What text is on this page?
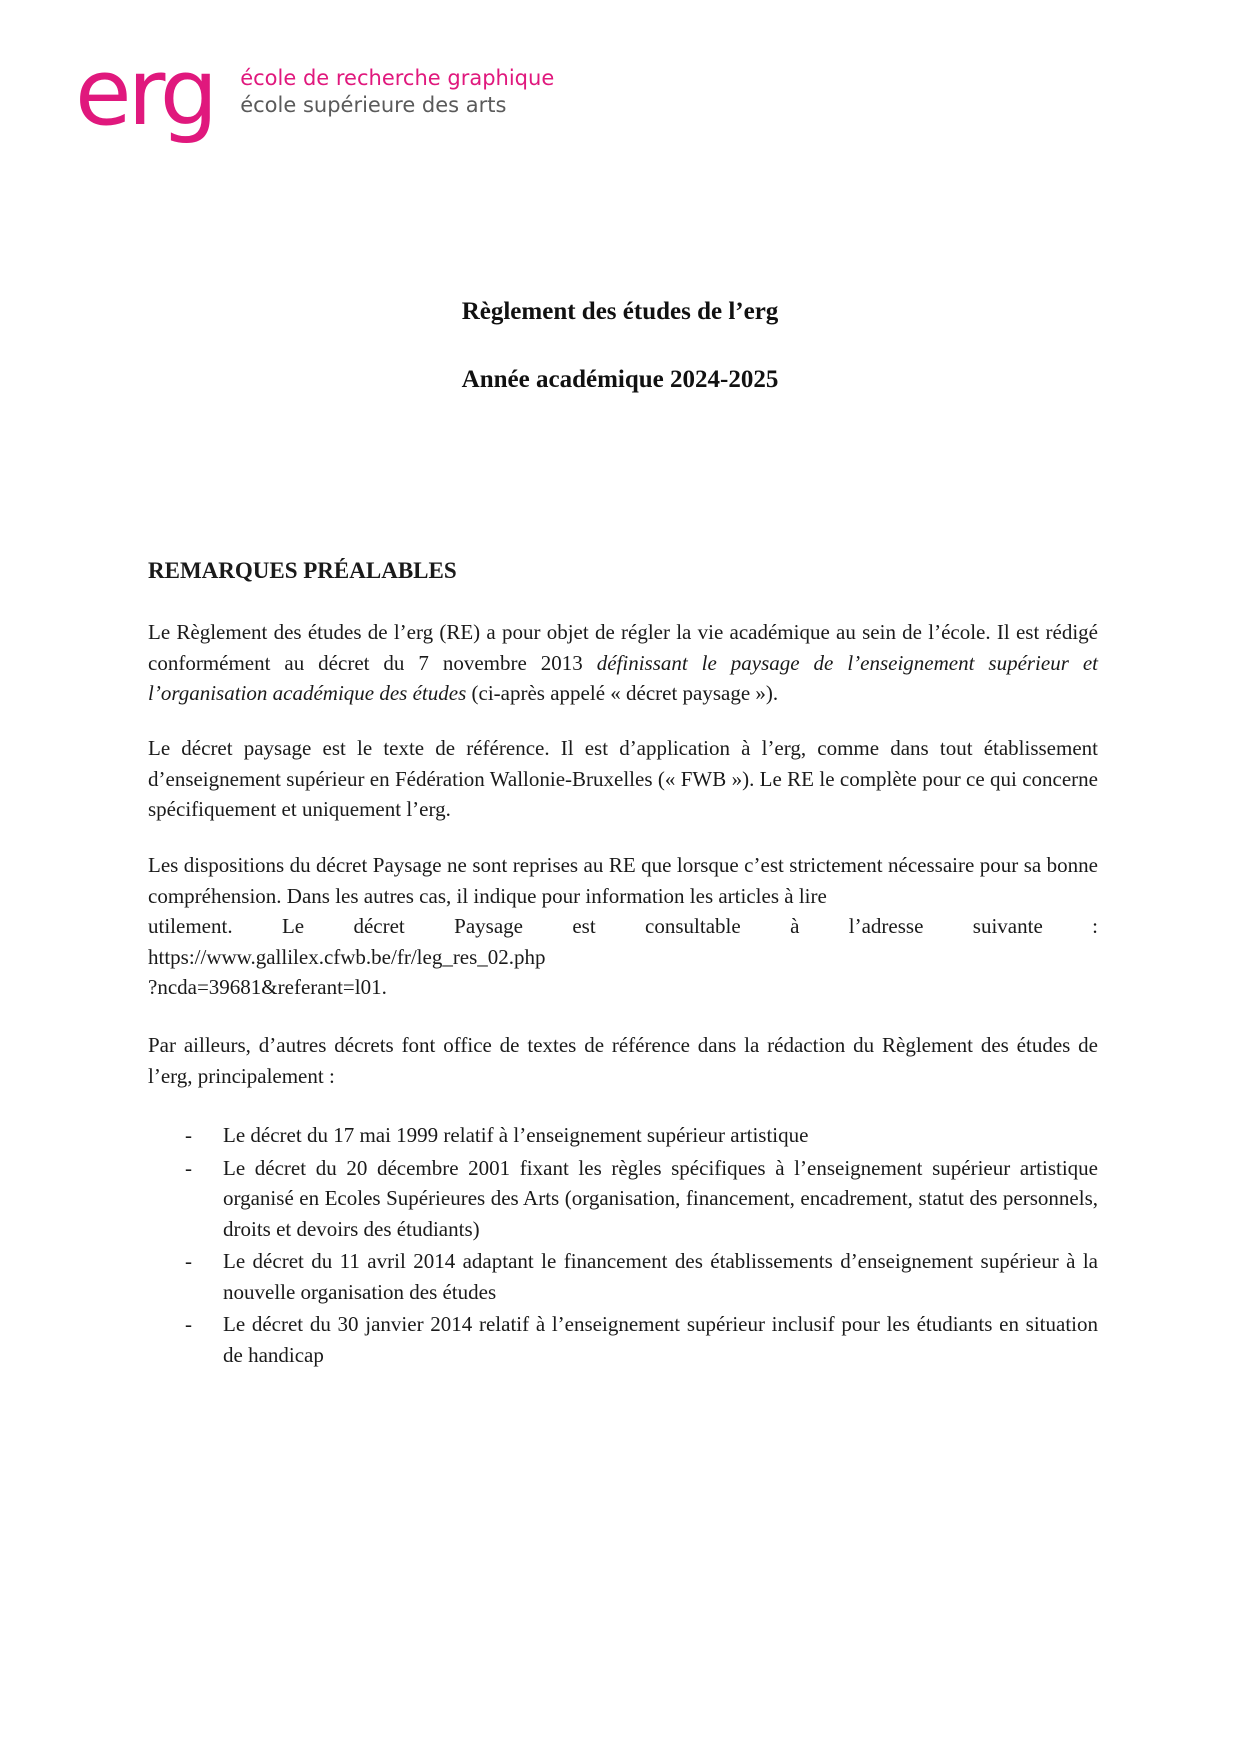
erg école de recherche graphique
école supérieure des arts
Règlement des études de l’erg
Année académique 2024-2025
REMARQUES PRÉALABLES
Le Règlement des études de l’erg (RE) a pour objet de régler la vie académique au sein de l’école. Il est rédigé conformément au décret du 7 novembre 2013 définissant le paysage de l’enseignement supérieur et l’organisation académique des études (ci-après appelé « décret paysage »).
Le décret paysage est le texte de référence. Il est d’application à l’erg, comme dans tout établissement d’enseignement supérieur en Fédération Wallonie-Bruxelles (« FWB »). Le RE le complète pour ce qui concerne spécifiquement et uniquement l’erg.
Les dispositions du décret Paysage ne sont reprises au RE que lorsque c’est strictement nécessaire pour sa bonne compréhension. Dans les autres cas, il indique pour information les articles à lire
utilement. Le décret Paysage est consultable à l’adresse suivante :
https://www.gallilex.cfwb.be/fr/leg_res_02.php
?ncda=39681&referant=l01.
Par ailleurs, d’autres décrets font office de textes de référence dans la rédaction du Règlement des études de l’erg, principalement :
- Le décret du 17 mai 1999 relatif à l’enseignement supérieur artistique
- Le décret du 20 décembre 2001 fixant les règles spécifiques à l’enseignement supérieur artistique organisé en Ecoles Supérieures des Arts (organisation, financement, encadrement, statut des personnels, droits et devoirs des étudiants)
- Le décret du 11 avril 2014 adaptant le financement des établissements d’enseignement supérieur à la nouvelle organisation des études
- Le décret du 30 janvier 2014 relatif à l’enseignement supérieur inclusif pour les étudiants en situation de handicap
